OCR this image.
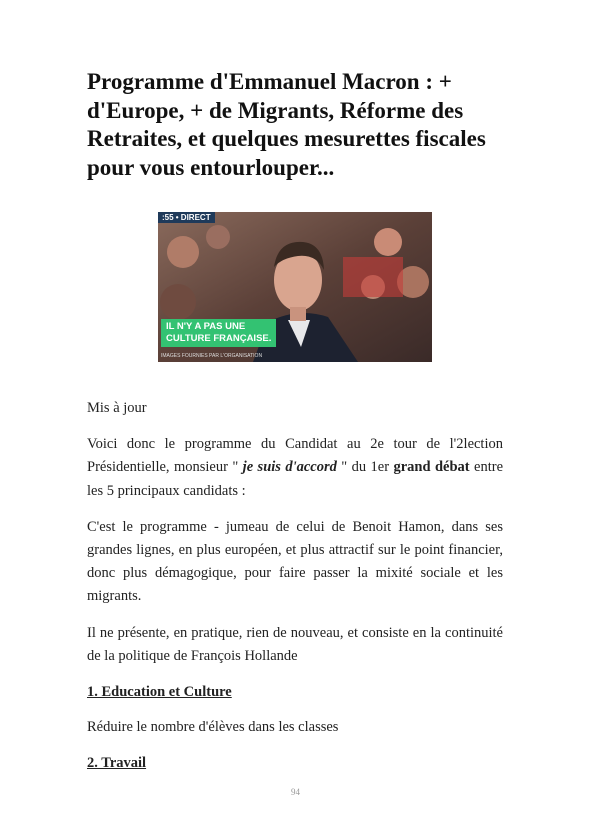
Programme d'Emmanuel Macron : + d'Europe, + de Migrants, Réforme des Retraites, et quelques mesurettes fiscales pour vous entourlouper...
:55 • DIRECT
IL N'Y A PAS UNE
CULTURE FRANÇAISE.
IMAGES FOURNIES PAR L'ORGANISATION

Mis à jour

Voici donc le programme du Candidat au 2e tour de l'2lection Présidentielle, monsieur " je suis d'accord " du 1er grand débat entre les 5 principaux candidats :

C'est le programme - jumeau de celui de Benoit Hamon, dans ses grandes lignes, en plus européen, et plus attractif sur le point financier, donc plus démagogique, pour faire passer la mixité sociale et les migrants.

Il ne présente, en pratique, rien de nouveau, et consiste en la continuité de la politique de François Hollande

1. Education et Culture

Réduire le nombre d'élèves dans les classes

2. Travail
94
